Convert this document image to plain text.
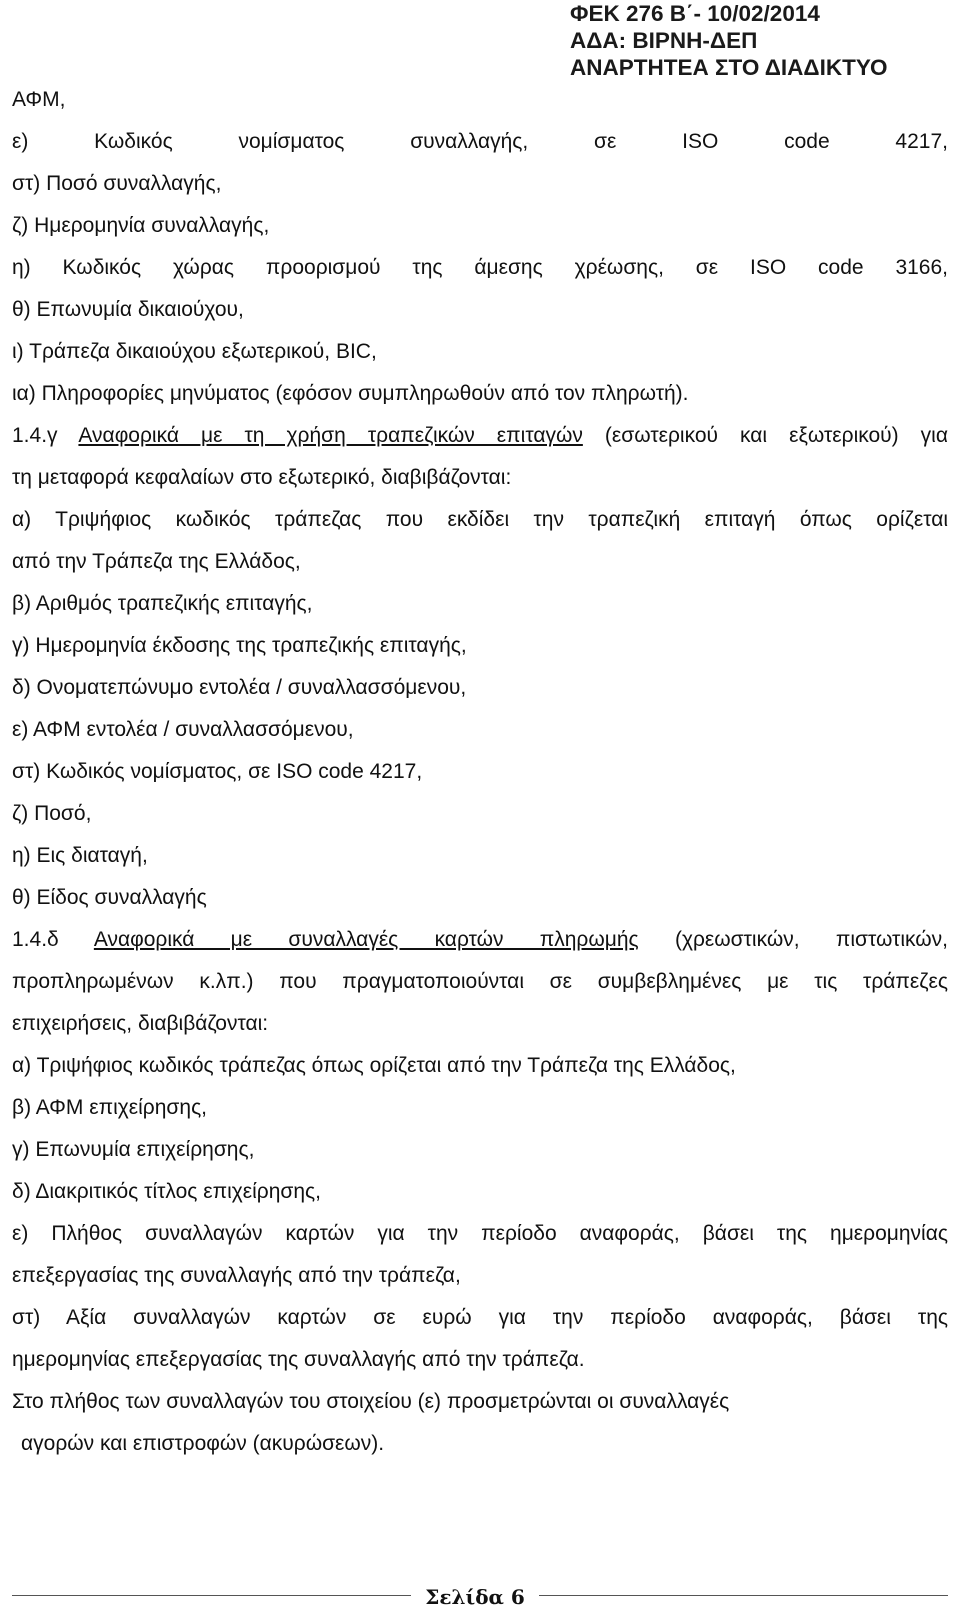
ΦΕΚ 276 Β΄- 10/02/2014
ΑΔΑ: ΒΙΡΝΗ-ΔΕΠ
ΑΝΑΡΤΗΤΕΑ ΣΤΟ ΔΙΑΔΙΚΤΥΟ
ΑΦΜ,
ε) Κωδικός νομίσματος συναλλαγής, σε ISO code 4217,
στ) Ποσό συναλλαγής,
ζ) Ημερομηνία συναλλαγής,
η) Κωδικός χώρας προορισμού της άμεσης χρέωσης, σε ISO code 3166,
θ) Επωνυμία δικαιούχου,
ι) Τράπεζα δικαιούχου εξωτερικού, BIC,
ια) Πληροφορίες μηνύματος (εφόσον συμπληρωθούν από τον πληρωτή).
1.4.γ Αναφορικά με τη χρήση τραπεζικών επιταγών (εσωτερικού και εξωτερικού) για
τη μεταφορά κεφαλαίων στο εξωτερικό, διαβιβάζονται:
α) Τριψήφιος κωδικός τράπεζας που εκδίδει την τραπεζική επιταγή όπως ορίζεται
από την Τράπεζα της Ελλάδος,
β) Αριθμός τραπεζικής επιταγής,
γ) Ημερομηνία έκδοσης της τραπεζικής επιταγής,
δ) Ονοματεπώνυμο εντολέα / συναλλασσόμενου,
ε) ΑΦΜ εντολέα / συναλλασσόμενου,
στ) Κωδικός νομίσματος, σε ISO code 4217,
ζ) Ποσό,
η) Εις διαταγή,
θ) Είδος συναλλαγής
1.4.δ Αναφορικά με συναλλαγές καρτών πληρωμής (χρεωστικών, πιστωτικών,
προπληρωμένων κ.λπ.) που πραγματοποιούνται σε συμβεβλημένες με τις τράπεζες
επιχειρήσεις, διαβιβάζονται:
α) Τριψήφιος κωδικός τράπεζας όπως ορίζεται από την Τράπεζα της Ελλάδος,
β) ΑΦΜ επιχείρησης,
γ) Επωνυμία επιχείρησης,
δ) Διακριτικός τίτλος επιχείρησης,
ε) Πλήθος συναλλαγών καρτών για την περίοδο αναφοράς, βάσει της ημερομηνίας
επεξεργασίας της συναλλαγής από την τράπεζα,
στ) Αξία συναλλαγών καρτών σε ευρώ για την περίοδο αναφοράς, βάσει της
ημερομηνίας επεξεργασίας της συναλλαγής από την τράπεζα.
Στο πλήθος των συναλλαγών του στοιχείου (ε) προσμετρώνται οι συναλλαγές
αγορών και επιστροφών (ακυρώσεων).
Σελίδα 6
